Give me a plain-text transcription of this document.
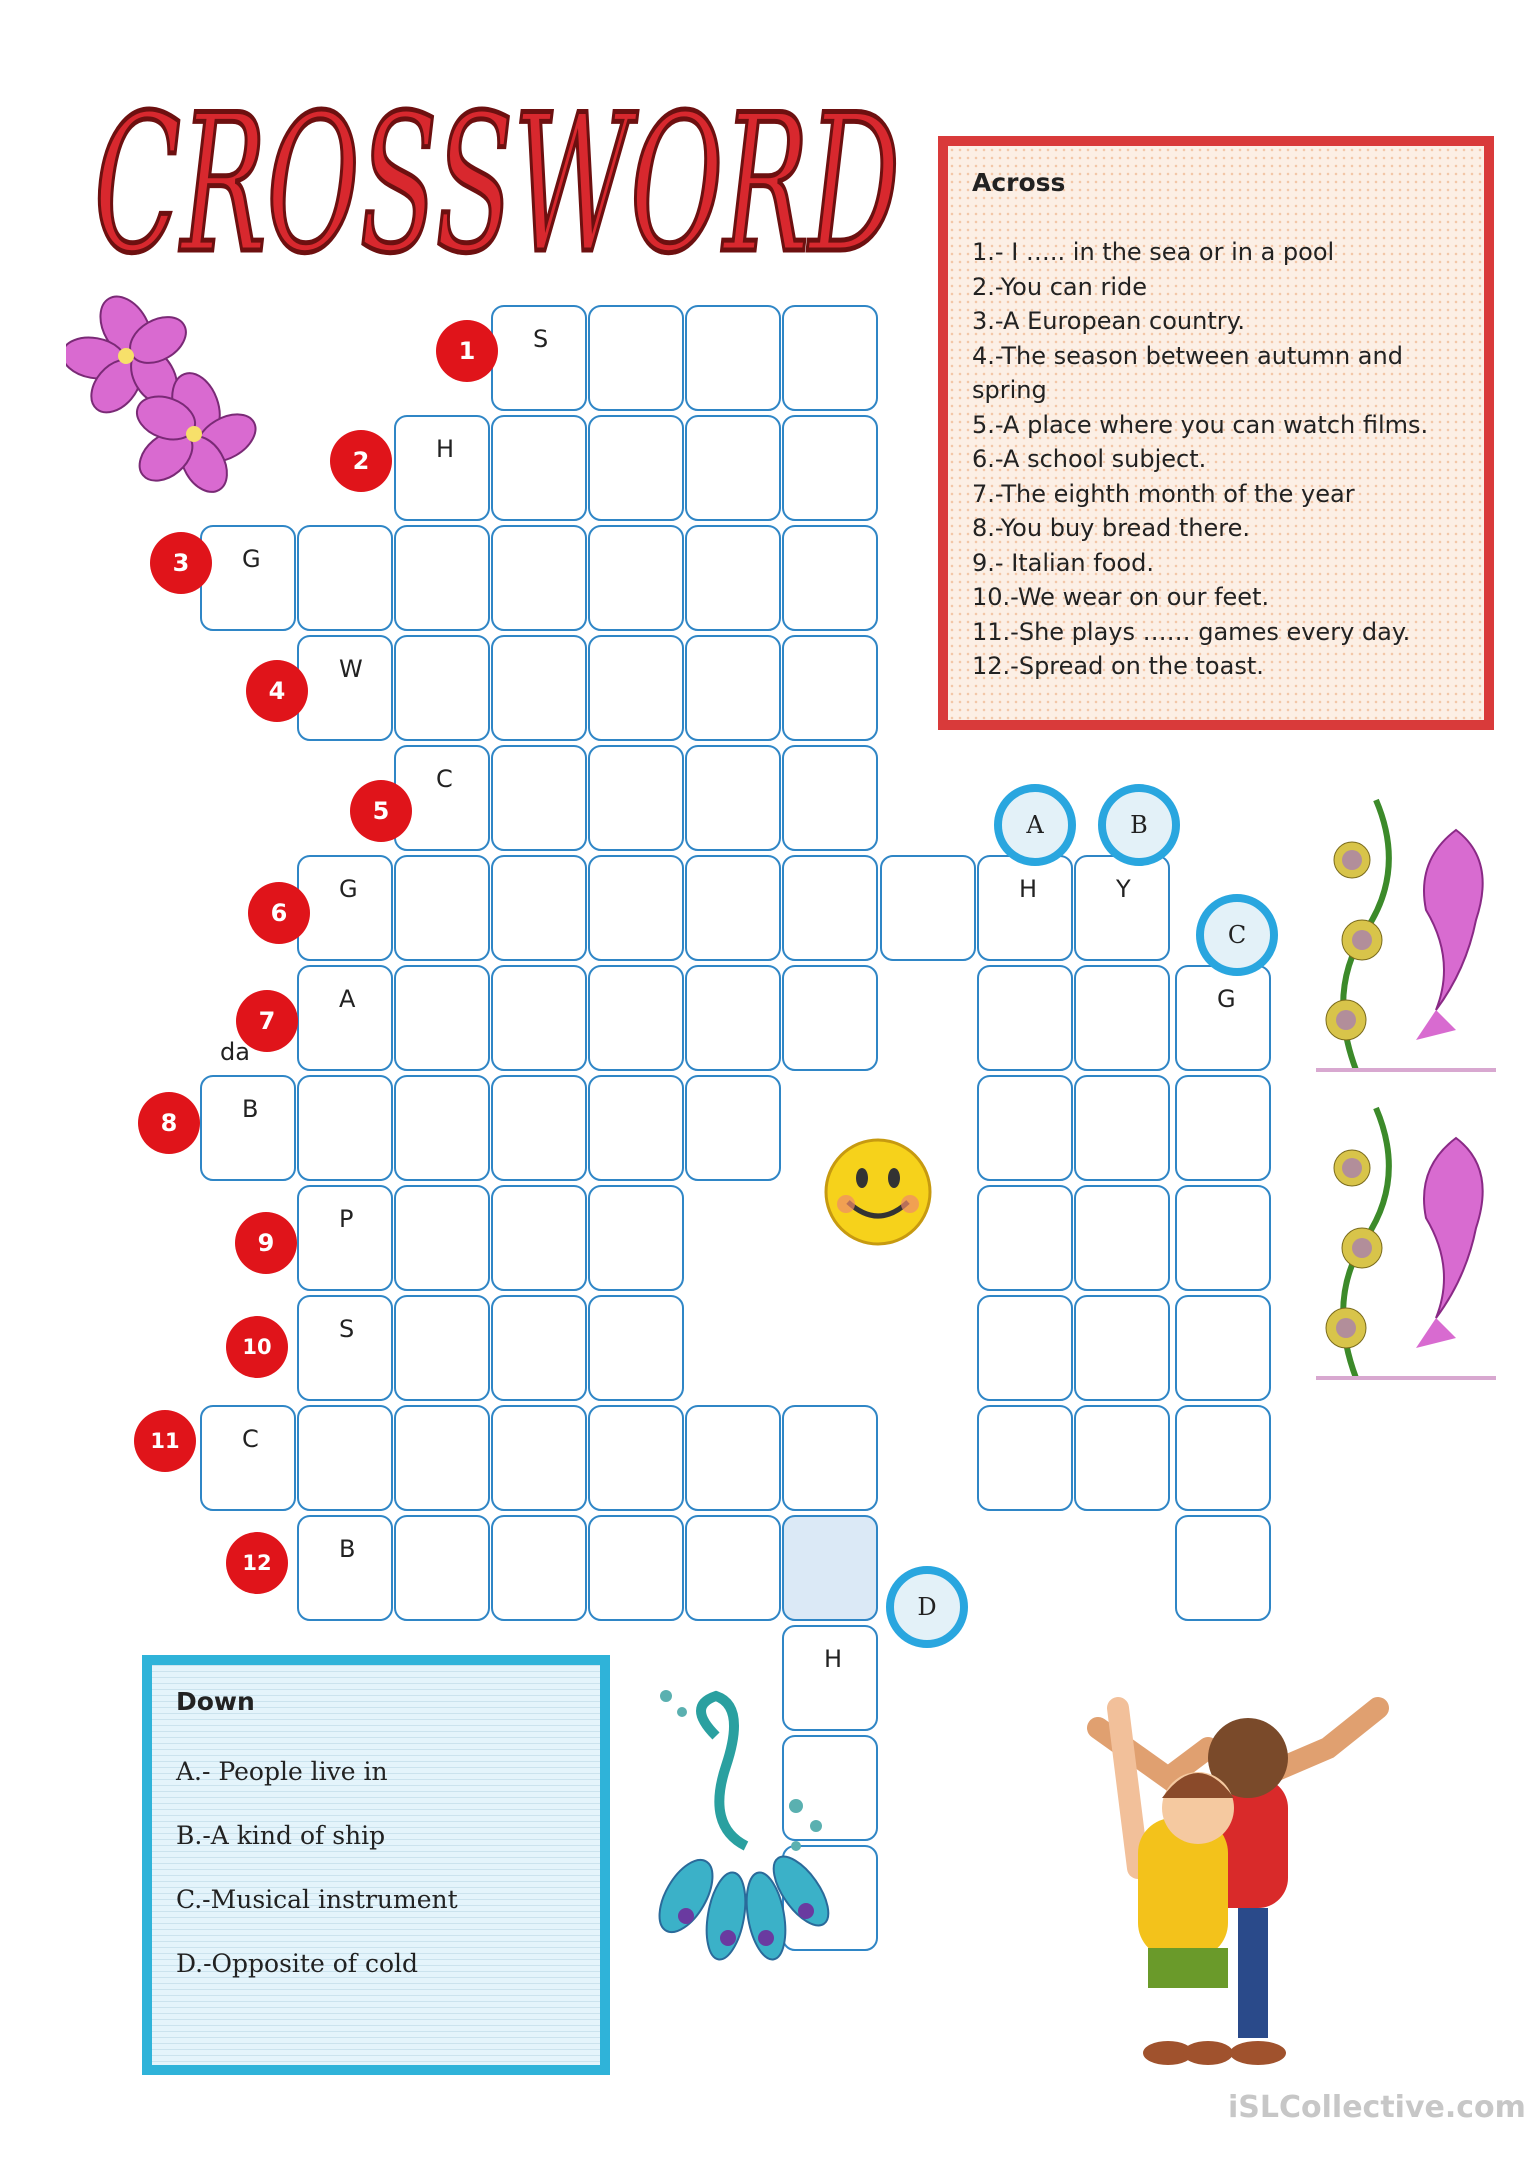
CROSSWORD
S
1
H
2
G
3
W
4
C
5
G
6
A
7
B
8
P
9
S
10
C
11
B
12
H
A
Y
B
G
C
H
D
da
Across
1.- I ….. in the sea or in a pool
2.-You can ride
3.-A European country.
4.-The season between autumn and
spring
5.-A place where you can watch films.
6.-A school subject.
7.-The eighth month of the year
8.-You buy bread there.
9.- Italian food.
10.-We wear on our feet.
11.-She plays …… games every day.
12.-Spread on the toast.
Down
A.- People live in
B.-A kind of ship
C.-Musical instrument
D.-Opposite of cold
iSLCollective.com
